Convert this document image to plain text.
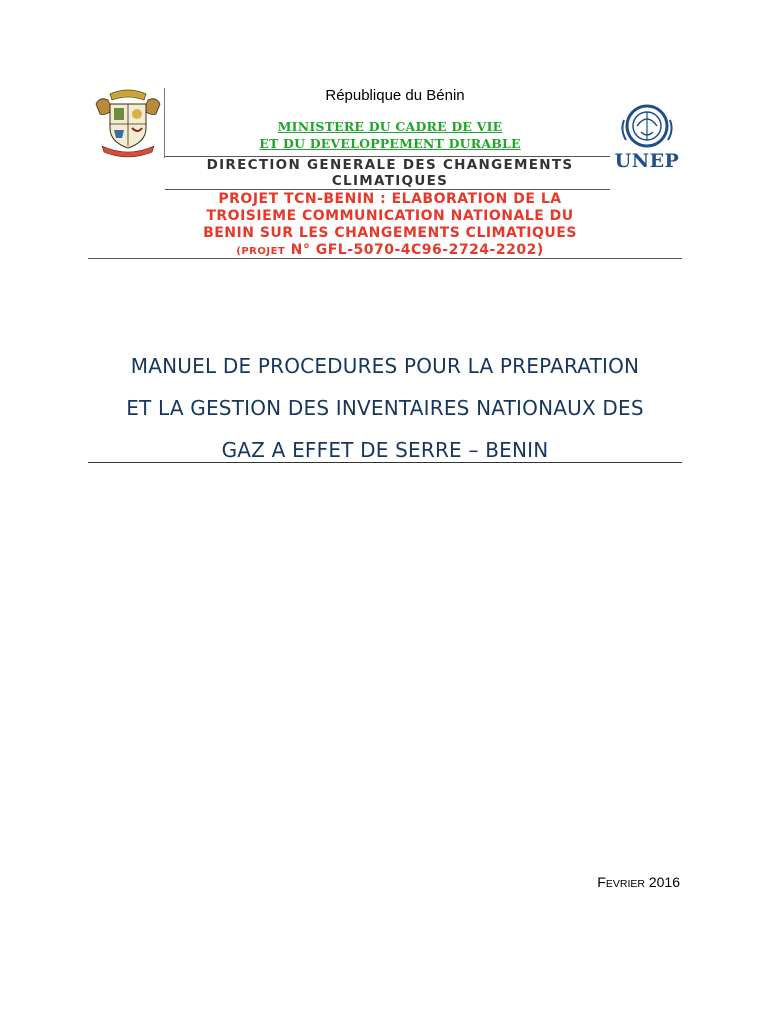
République du Bénin
UNEP
MINISTERE DU CADRE DE VIE
ET DU DEVELOPPEMENT DURABLE
DIRECTION GENERALE DES CHANGEMENTS
CLIMATIQUES
PROJET TCN-BENIN : ELABORATION DE LA
TROISIEME COMMUNICATION NATIONALE DU
BENIN SUR LES CHANGEMENTS CLIMATIQUES
(PROJET N° GFL-5070-4C96-2724-2202)
MANUEL DE PROCEDURES POUR LA PREPARATION
ET LA GESTION DES INVENTAIRES NATIONAUX DES
GAZ A EFFET DE SERRE – BENIN
FEVRIER 2016
